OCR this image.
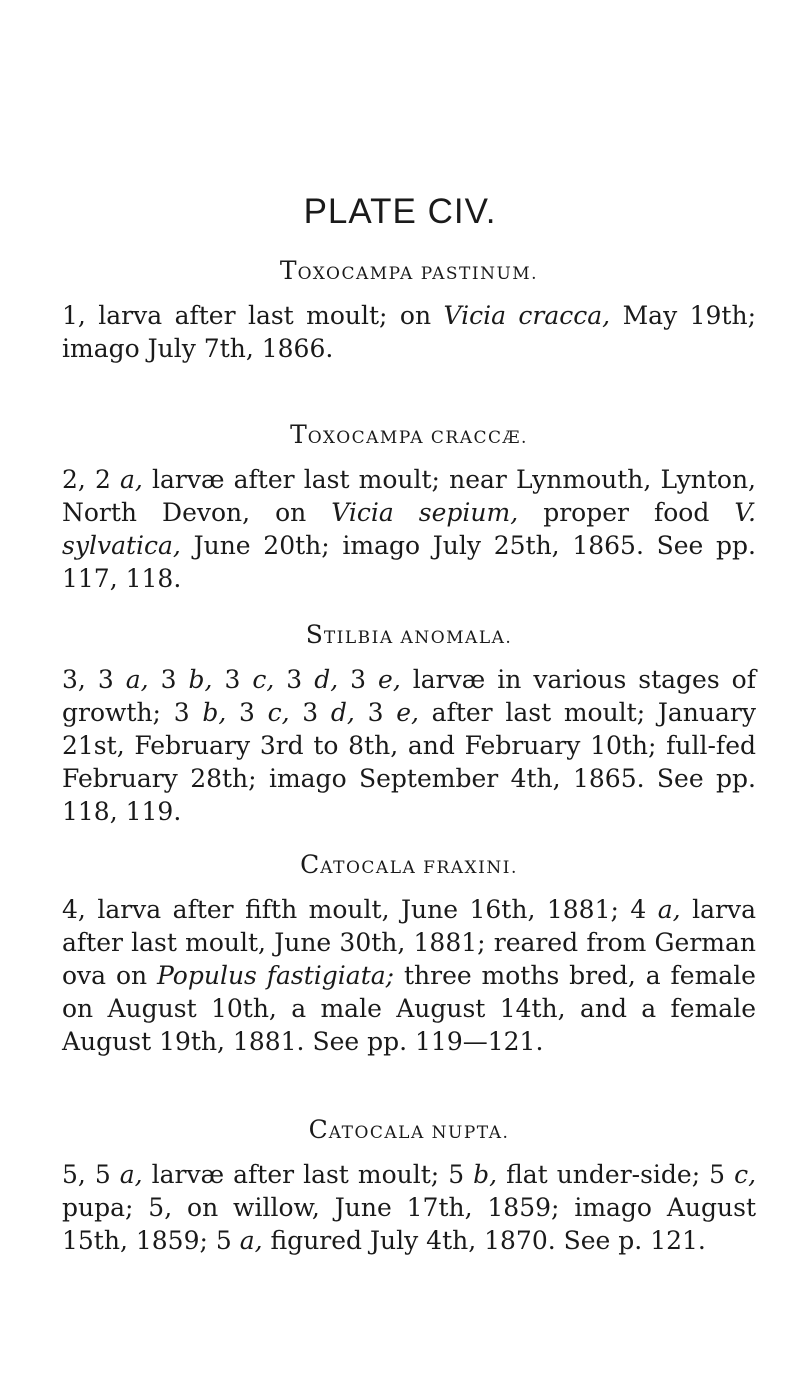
PLATE CIV.
TOXOCAMPA PASTINUM.

1, larva after last moult; on Vicia cracca, May 19th; imago July 7th, 1866.

TOXOCAMPA CRACCÆ.

2, 2 a, larvæ after last moult; near Lynmouth, Lynton, North Devon, on Vicia sepium, proper food V. sylvatica, June 20th; imago July 25th, 1865. See pp. 117, 118.

STILBIA ANOMALA.

3, 3 a, 3 b, 3 c, 3 d, 3 e, larvæ in various stages of growth; 3 b, 3 c, 3 d, 3 e, after last moult; January 21st, February 3rd to 8th, and February 10th; full-fed February 28th; imago September 4th, 1865. See pp. 118, 119.

CATOCALA FRAXINI.

4, larva after fifth moult, June 16th, 1881; 4 a, larva after last moult, June 30th, 1881; reared from German ova on Populus fastigiata; three moths bred, a female on August 10th, a male August 14th, and a female August 19th, 1881. See pp. 119—121.

CATOCALA NUPTA.

5, 5 a, larvæ after last moult; 5 b, flat under-side; 5 c, pupa; 5, on willow, June 17th, 1859; imago August 15th, 1859; 5 a, figured July 4th, 1870. See p. 121.
